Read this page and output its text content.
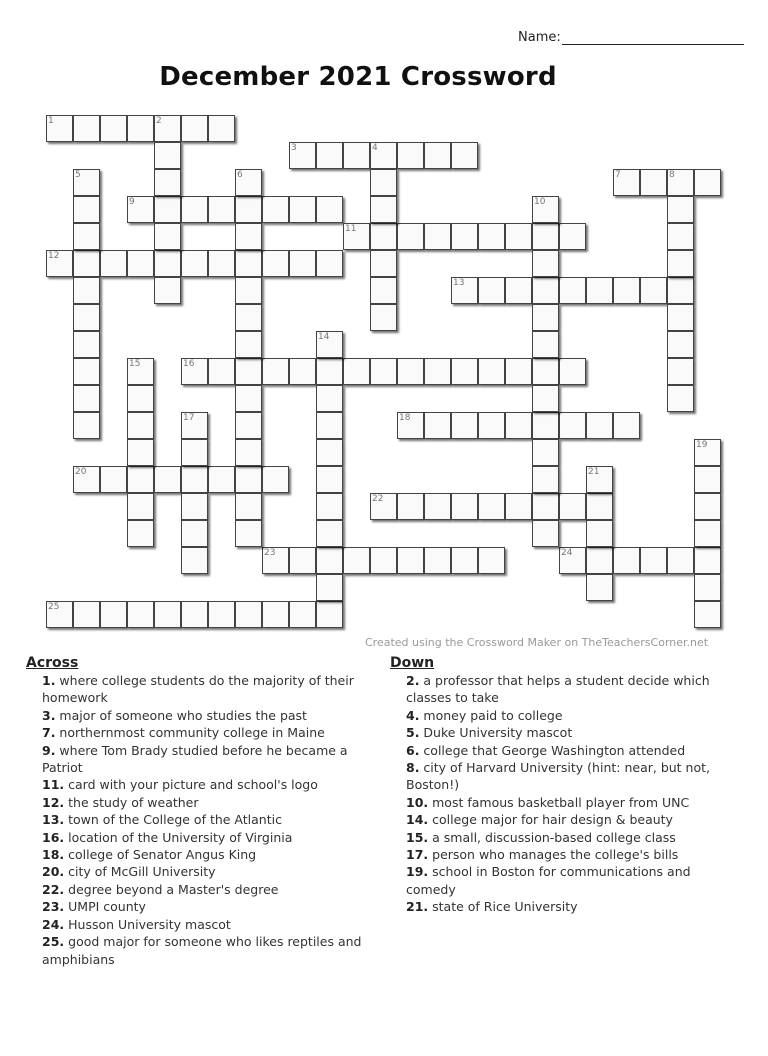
Name:
December 2021 Crossword
1	2
3	4
7	8
9
11
12
13
16
18
20
22
23	24
25
5	6
10
14
15
17
19
21
Created using the Crossword Maker on TheTeachersCorner.net
Across
1. where college students do the majority of their homework
3. major of someone who studies the past
7. northernmost community college in Maine
9. where Tom Brady studied before he became a Patriot
11. card with your picture and school's logo
12. the study of weather
13. town of the College of the Atlantic
16. location of the University of Virginia
18. college of Senator Angus King
20. city of McGill University
22. degree beyond a Master's degree
23. UMPI county
24. Husson University mascot
25. good major for someone who likes reptiles and amphibians
Down
2. a professor that helps a student decide which classes to take
4. money paid to college
5. Duke University mascot
6. college that George Washington attended
8. city of Harvard University (hint: near, but not, Boston!)
10. most famous basketball player from UNC
14. college major for hair design & beauty
15. a small, discussion-based college class
17. person who manages the college's bills
19. school in Boston for communications and comedy
21. state of Rice University
